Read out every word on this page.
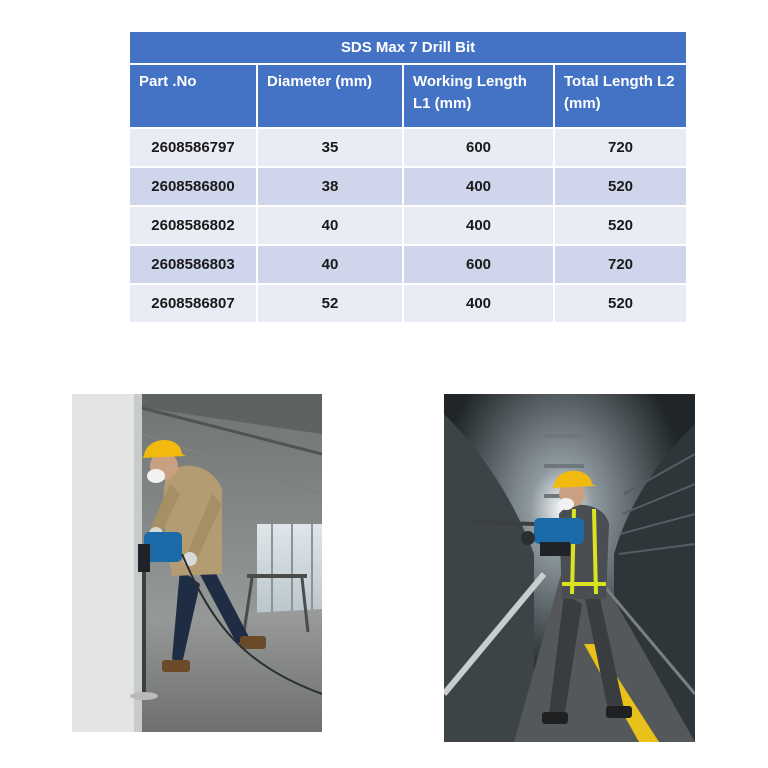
SDS Max 7 Drill Bit			
Part .No	Diameter (mm)	Working Length L1 (mm)	Total Length L2 (mm)
2608586797	35	600	720
2608586800	38	400	520
2608586802	40	400	520
2608586803	40	600	720
2608586807	52	400	520
